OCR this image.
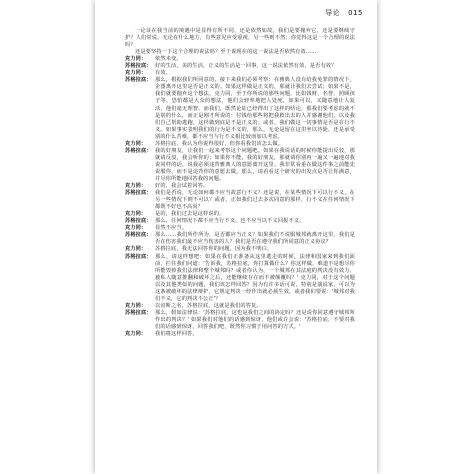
导论 015

一论证在我当前的境遇中是显得有所不同，还是依然如故，我们是要抛弃它，还是要继续守护？人们常说，无论在什么地方，有些意见应受重视，另一些则不然；你觉得这是一个合理的说法吗？

还是要坚持一下这个合理的说法吗？至于说现在的这一说法是否依然有效……

克力同：	依然未变。
苏格拉底： 好的生活，美的生活，正义的生活是一回事，这一说法依然有效，是否有效？
克力同：	有效。
苏格拉底： 那么，根据我们所同意的，接下来我们必须考察：在雅典人没有给我免罪的情况下，企图离开这里是否是正义的。如果这样做是正义的，那就让我们去尝试；如果不是，我们就要抛弃这个想法。克力同，至于你所说的那些问题，比如钱财、名誉、照顾孩子等，恐怕都是大众的想法，他们会轻率地把人处死，如果可以，又随意地让人复活，他们毫无理智。而我们，既然论证已经得出了这样的结论，那我们要考虑的就不是别的什么，而正是刚才所说的：付钱给那些将把我救出去的人并感谢他们，以及我们自己帮助逃跑，这样做到底是不是正义的；或者，我们做这一切事情是否是在行不义。如果事实表明我们的行为是不义的，那么，无论是留在这里坐以待毙，还是承受别的什么苦难，都不应当与行不义相比较而加以考虑。
克力同：	苏格拉底，我认为你说得很好，但你看我们该怎么做。
苏格拉底： 我的好朋友，让我们一起来考察这个问题吧。如果在我说话的时候你能提出反驳，那就请反驳，我会听你的；如果你不能，我的好朋友，那就请你别再一遍又一遍地对我说同样的话，说我必须违背雅典人的意愿离开这里。我非常看重在做这件事之前能先说服你，而不是违背你的意愿去做。那么，请看看这个研究的出发点是否让你满意，并尽你所能地回答我的问题。
克力同：	好的，我会试着回答。
苏格拉底： 我们是否说，无论如何都不应当故意行不义？还是说，在某些情况下可以行不义，在另一些情况下则不可以？或者，正如我们过去多次同意的那样，行不义在任何情况下都既不好也不高尚？
克力同：	是的，我们过去是这样说的。
苏格拉底： 那么，任何情况下都不应当行不义，也不应当以不义回报不义。
克力同：	显然不应当。
苏格拉底： 那么……我们所作所为，是否都应当正义？如果我们不说服城邦就离开这里，我们是否在伤害我们最不应当伤害的人？我们是否在遵守我们所同意的正义协议？
克力同：	苏格拉底，我无法回答你的问题，因为我不明白。
苏格拉底： 那么，请这样想吧：如果在我们正准备从这里逃走的时候，法律和国家来到我们面前，拦住我们问道：'告诉我，苏格拉底，你打算做什么？你这样做，难道不是想尽你所能毁掉我们法律和整个城邦吗？或者你认为，一个城邦在其法庭的判决没有效力、被私人随意推翻和破坏之后，还能继续存在而不被颠覆吗？' 克力同，对于这个问题以及其他类似的问题，我们该怎样回答？因为有许多话可说，特别是演说家，可以为这条被破坏的法律辩护，它规定判决一经作出就必须生效。或者我们要说：'城邦对我们不义，它的判决不公正'？
克力同：	以宙斯之名，苏格拉底，这就是我们的答复。
苏格拉底： 那么，假如法律说：'苏格拉底，这也是我们之间的协定吗？还是说你同意遵守城邦所作出的判决？' 如果我们对他们的话感到惊讶，他们或许会说：'苏格拉底，不要对我们的话感到惊讶，回答我们吧，既然你习惯于用问答的方式。'
克力同：	我们将这样回答。
